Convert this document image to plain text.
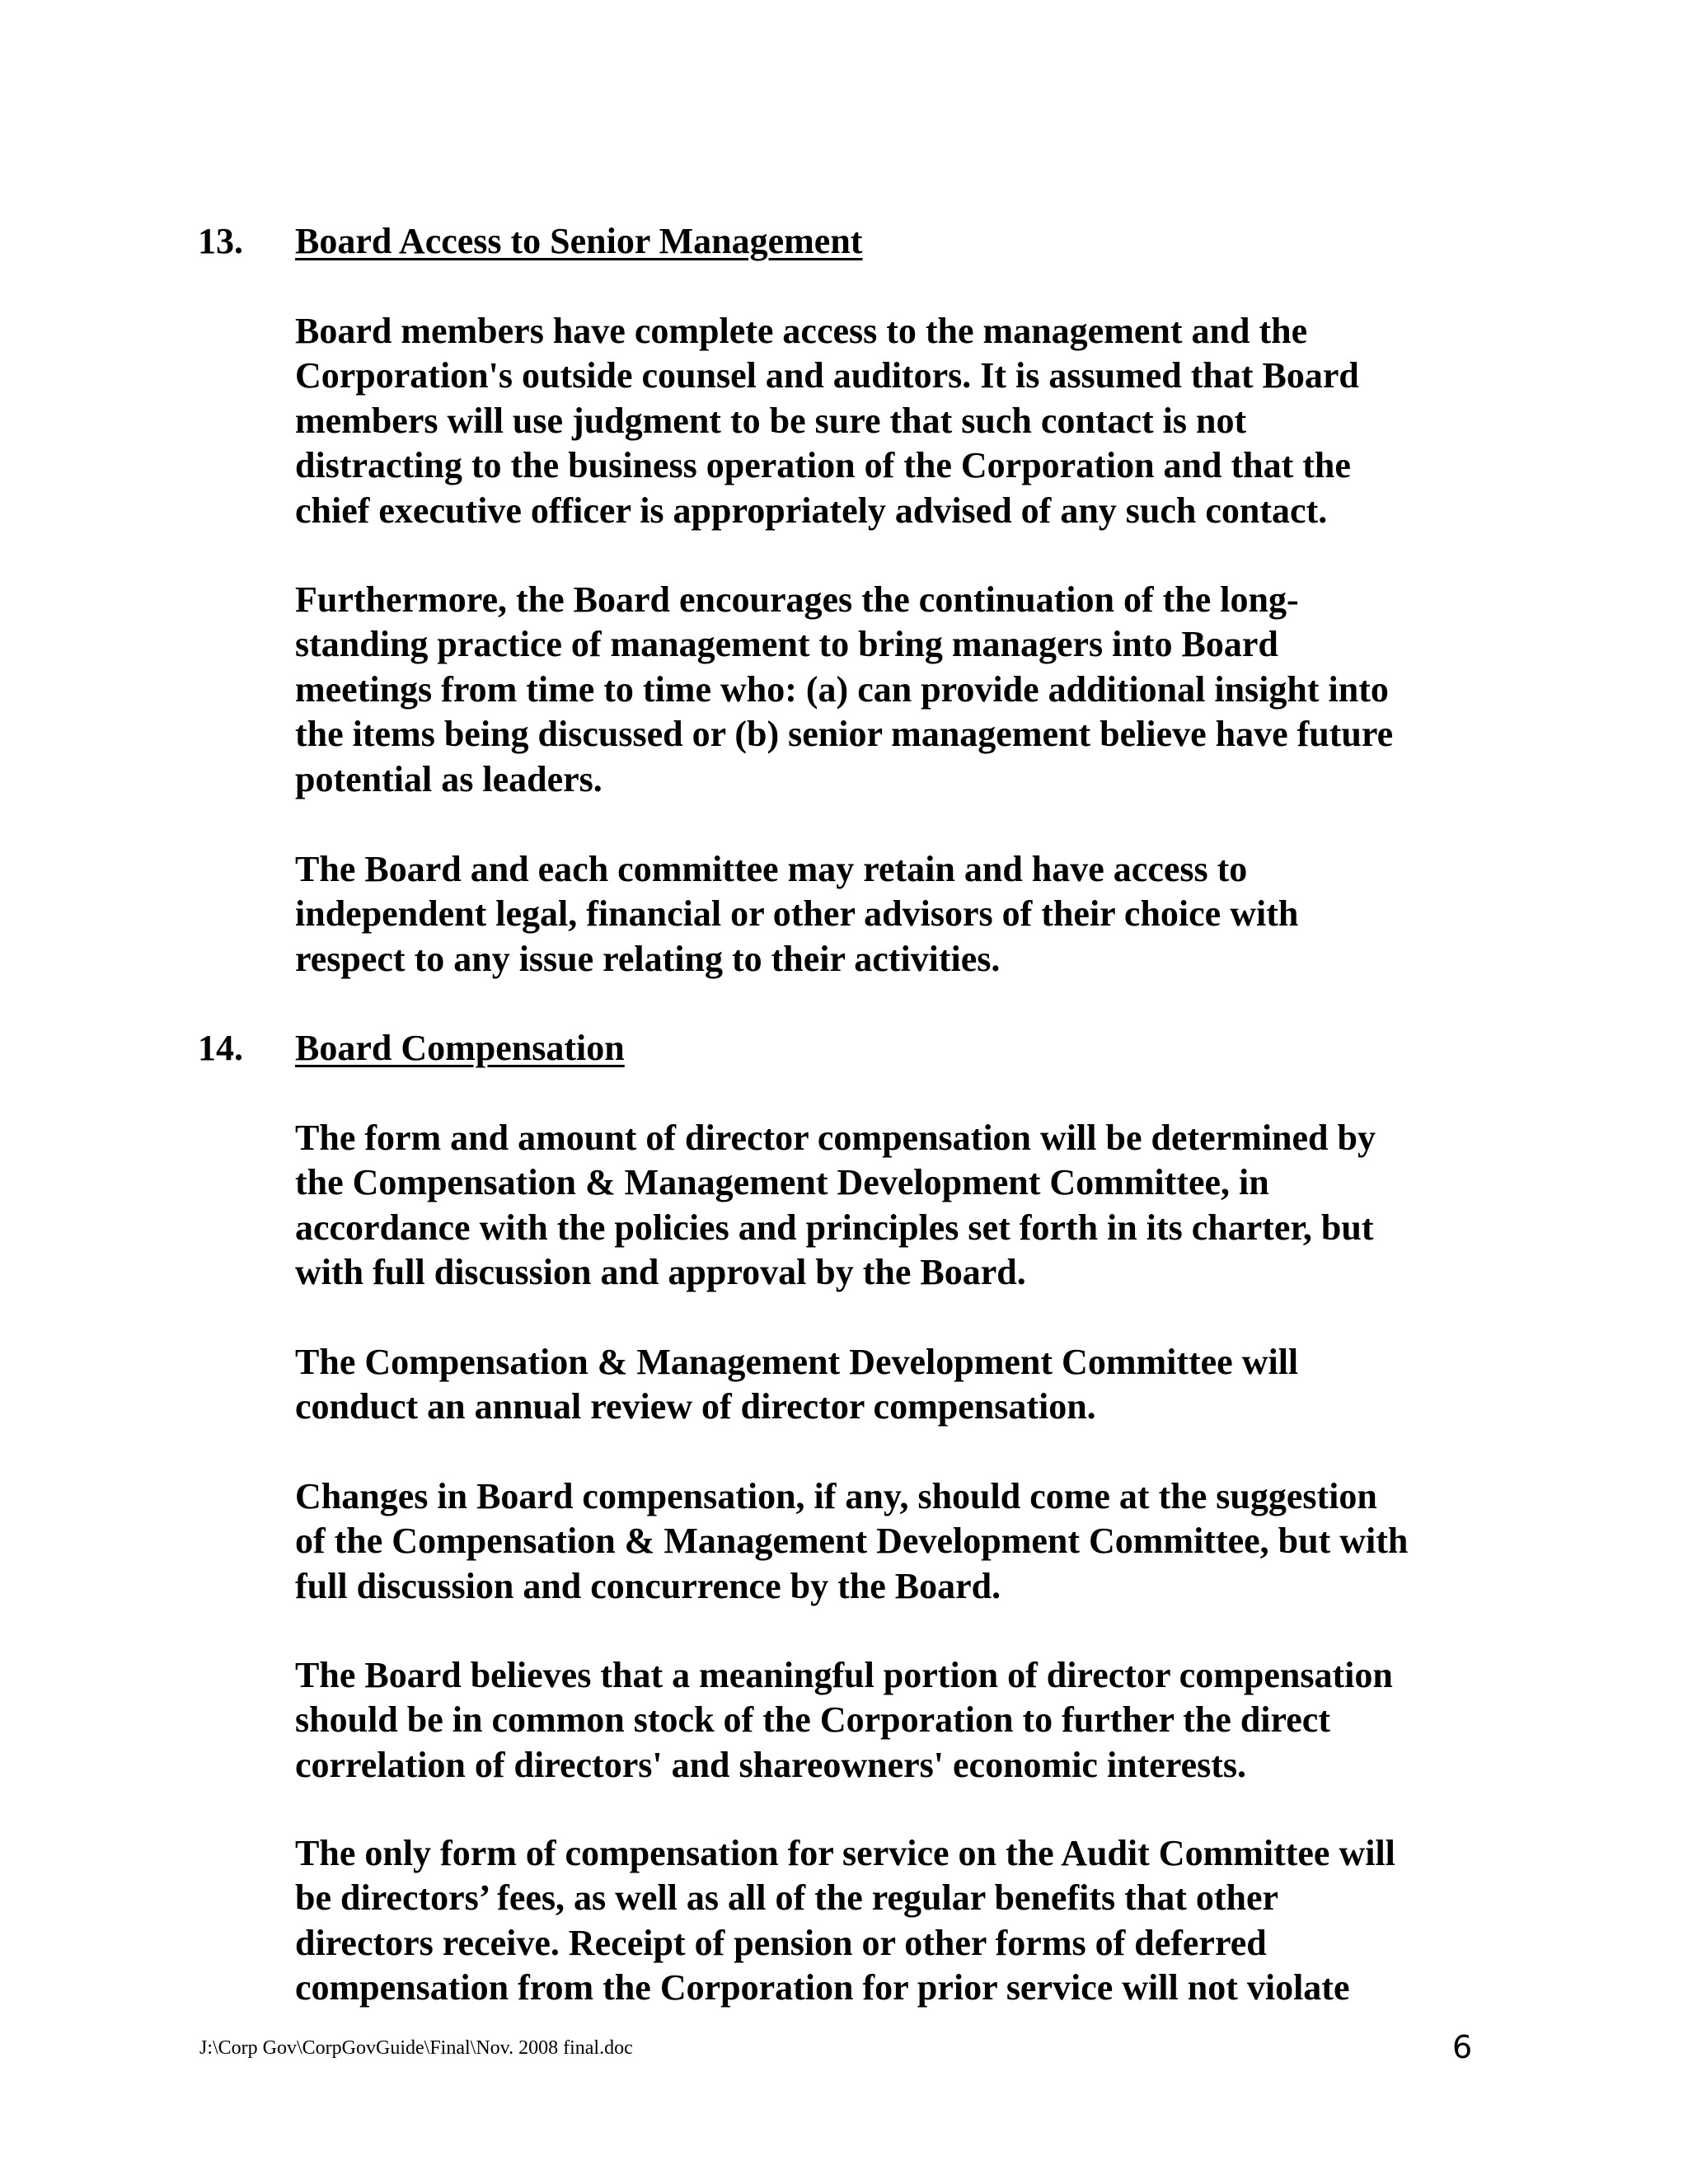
13. Board Access to Senior Management

Board members have complete access to the management and the
Corporation's outside counsel and auditors. It is assumed that Board
members will use judgment to be sure that such contact is not
distracting to the business operation of the Corporation and that the
chief executive officer is appropriately advised of any such contact.

Furthermore, the Board encourages the continuation of the long-
standing practice of management to bring managers into Board
meetings from time to time who: (a) can provide additional insight into
the items being discussed or (b) senior management believe have future
potential as leaders.

The Board and each committee may retain and have access to
independent legal, financial or other advisors of their choice with
respect to any issue relating to their activities.

14. Board Compensation

The form and amount of director compensation will be determined by
the Compensation & Management Development Committee, in
accordance with the policies and principles set forth in its charter, but
with full discussion and approval by the Board.

The Compensation & Management Development Committee will
conduct an annual review of director compensation.

Changes in Board compensation, if any, should come at the suggestion
of the Compensation & Management Development Committee, but with
full discussion and concurrence by the Board.

The Board believes that a meaningful portion of director compensation
should be in common stock of the Corporation to further the direct
correlation of directors' and shareowners' economic interests.

The only form of compensation for service on the Audit Committee will
be directors’ fees, as well as all of the regular benefits that other
directors receive. Receipt of pension or other forms of deferred
compensation from the Corporation for prior service will not violate

J:\Corp Gov\CorpGovGuide\Final\Nov. 2008 final.doc	6
